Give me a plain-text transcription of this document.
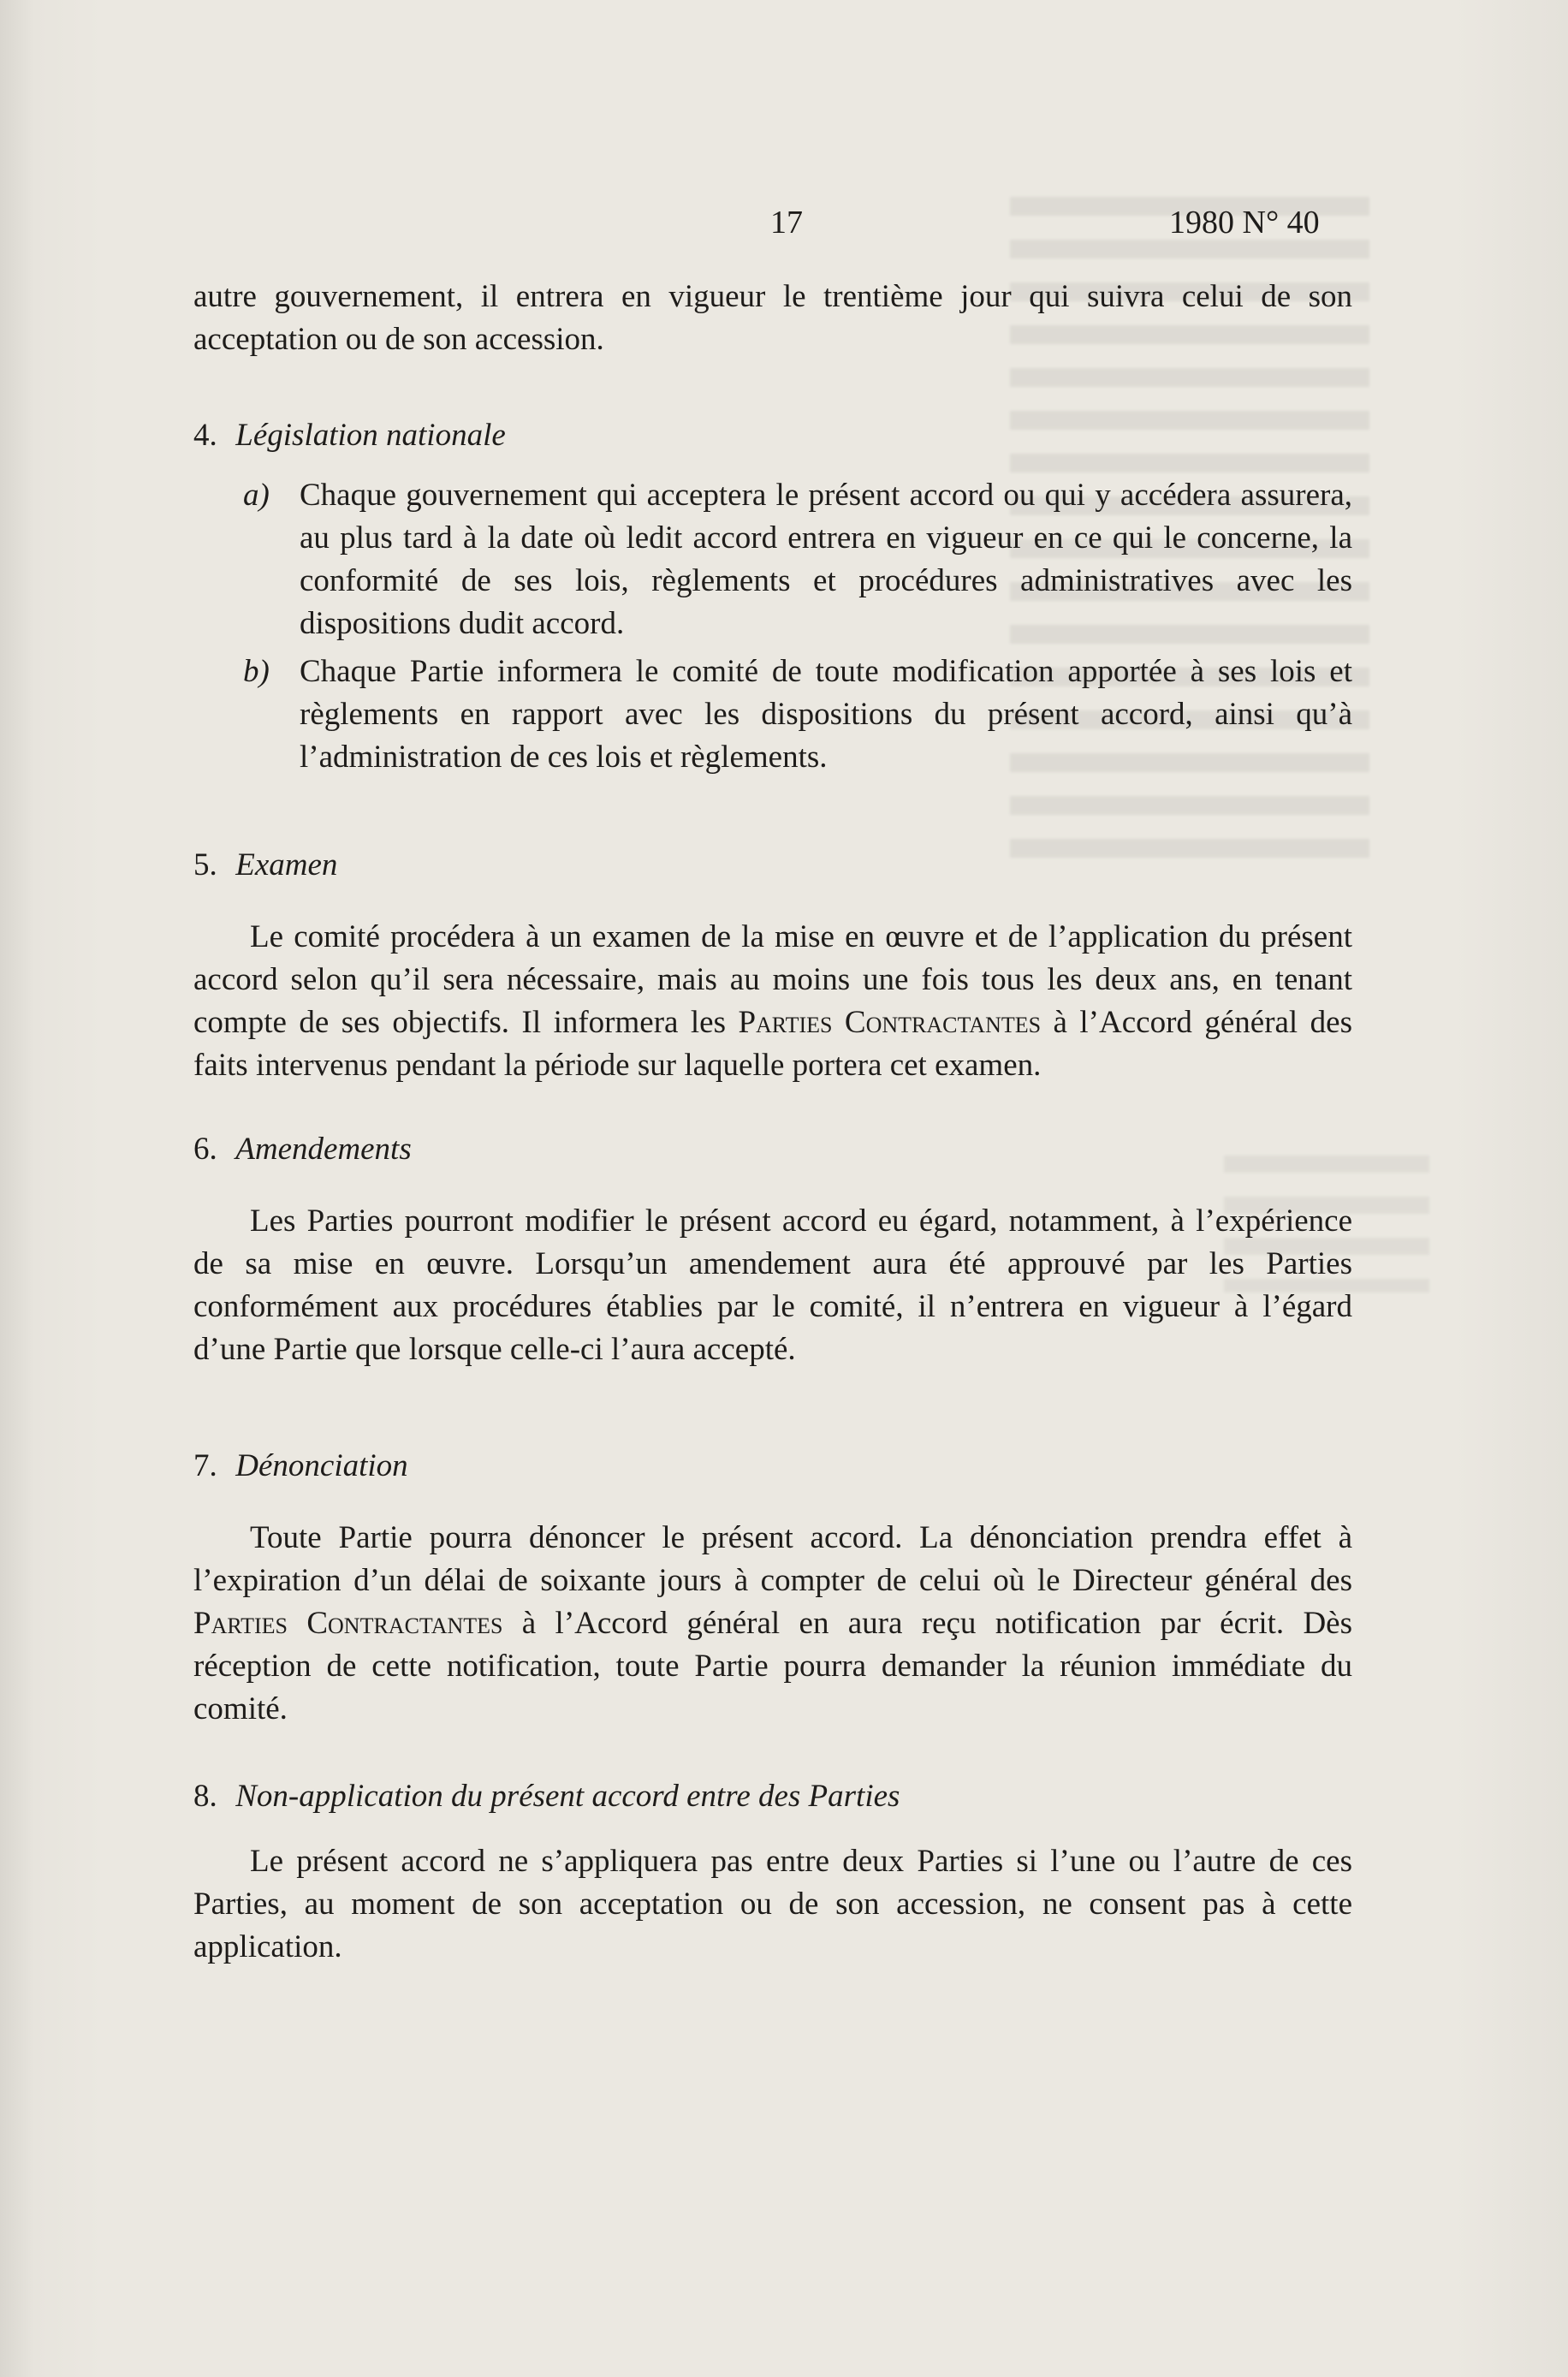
17	1980 N° 40

autre gouvernement, il entrera en vigueur le trentième jour qui suivra celui de son acceptation ou de son accession.

4. Législation nationale
a) Chaque gouvernement qui acceptera le présent accord ou qui y accédera assurera, au plus tard à la date où ledit accord entrera en vigueur en ce qui le concerne, la conformité de ses lois, règlements et procédures administratives avec les dispositions dudit accord.
b) Chaque Partie informera le comité de toute modification apportée à ses lois et règlements en rapport avec les dispositions du présent accord, ainsi qu’à l’administration de ces lois et règlements.
5. Examen

Le comité procédera à un examen de la mise en œuvre et de l’application du présent accord selon qu’il sera nécessaire, mais au moins une fois tous les deux ans, en tenant compte de ses objectifs. Il informera les Parties Contractantes à l’Accord général des faits intervenus pendant la période sur laquelle portera cet examen.

6. Amendements

Les Parties pourront modifier le présent accord eu égard, notamment, à l’expérience de sa mise en œuvre. Lorsqu’un amendement aura été approuvé par les Parties conformément aux procédures établies par le comité, il n’entrera en vigueur à l’égard d’une Partie que lorsque celle-ci l’aura accepté.

7. Dénonciation

Toute Partie pourra dénoncer le présent accord. La dénonciation prendra effet à l’expiration d’un délai de soixante jours à compter de celui où le Directeur général des Parties Contractantes à l’Accord général en aura reçu notification par écrit. Dès réception de cette notification, toute Partie pourra demander la réunion immédiate du comité.

8. Non-application du présent accord entre des Parties

Le présent accord ne s’appliquera pas entre deux Parties si l’une ou l’autre de ces Parties, au moment de son acceptation ou de son accession, ne consent pas à cette application.
